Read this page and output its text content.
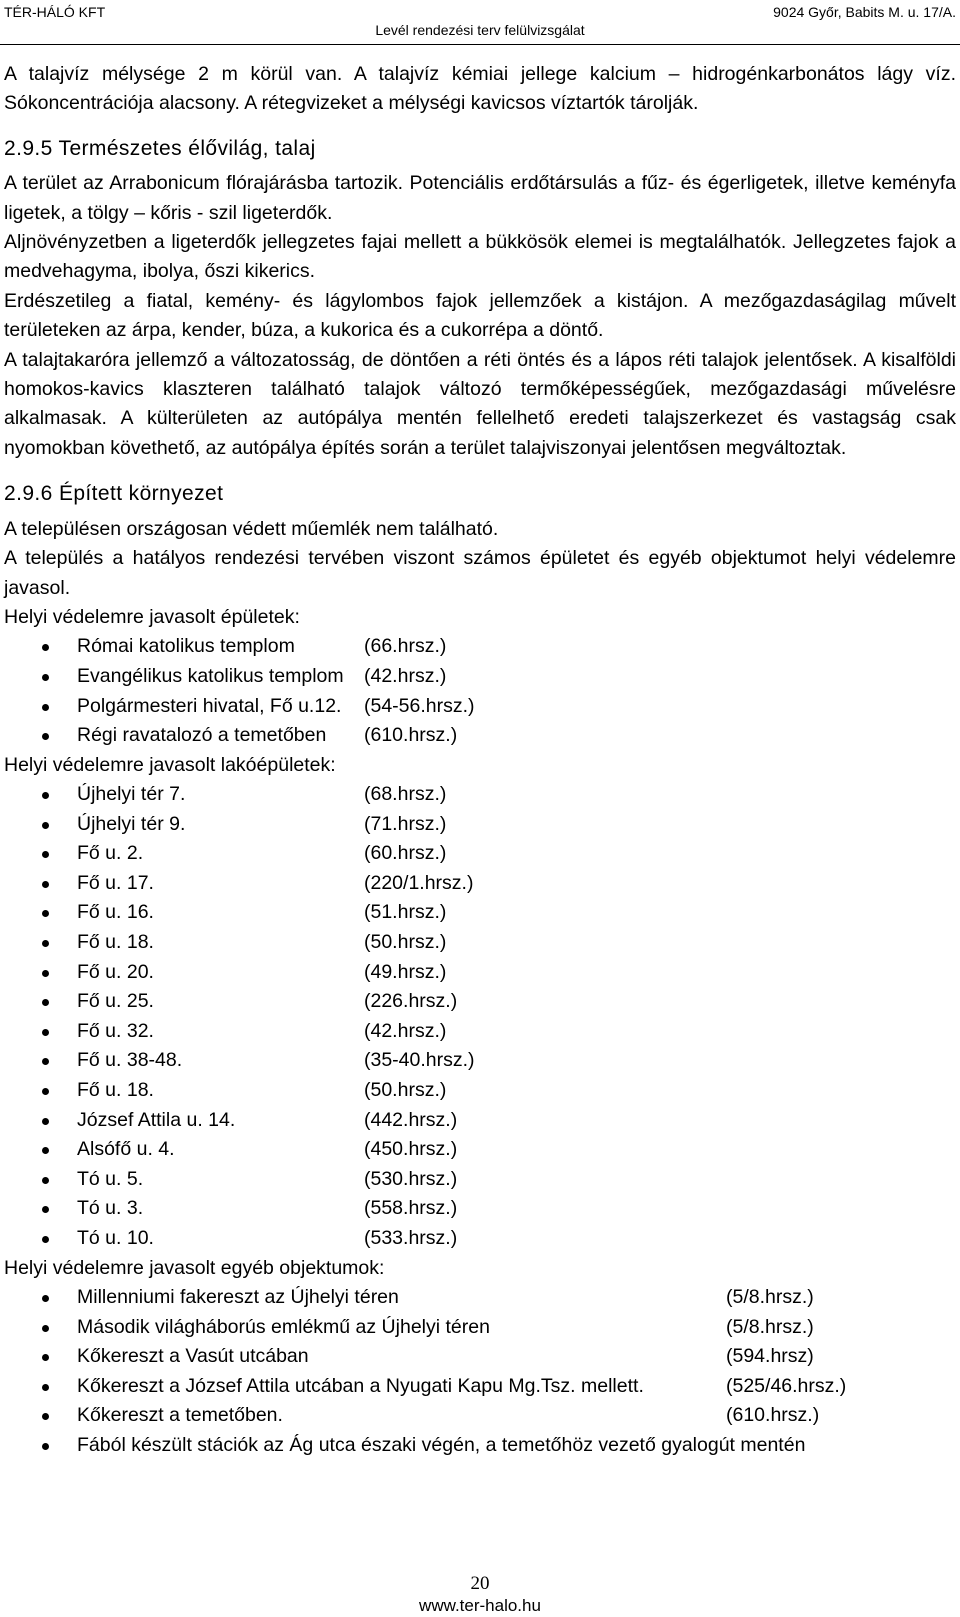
TÉR-HÁLÓ KFT
Levél rendezési terv felülvizsgálat
9024 Győr, Babits M. u. 17/A.

A talajvíz mélysége 2 m körül van. A talajvíz kémiai jellege kalcium – hidrogénkarbonátos lágy víz. Sókoncentrációja alacsony. A rétegvizeket a mélységi kavicsos víztartók tárolják.

2.9.5 Természetes élővilág, talaj

A terület az Arrabonicum flórajárásba tartozik. Potenciális erdőtársulás a fűz- és égerligetek, illetve keményfa ligetek, a tölgy – kőris - szil ligeterdők.

Aljnövényzetben a ligeterdők jellegzetes fajai mellett a bükkösök elemei is megtalálhatók. Jellegzetes fajok a medvehagyma, ibolya, őszi kikerics.

Erdészetileg a fiatal, kemény- és lágylombos fajok jellemzőek a kistájon. A mezőgazdaságilag művelt területeken az árpa, kender, búza, a kukorica és a cukorrépa a döntő.

A talajtakaróra jellemző a változatosság, de döntően a réti öntés és a lápos réti talajok jelentősek. A kisalföldi homokos-kavics klaszteren található talajok változó termőképességűek, mezőgazdasági művelésre alkalmasak. A külterületen az autópálya mentén fellelhető eredeti talajszerkezet és vastagság csak nyomokban követhető, az autópálya építés során a terület talajviszonyai jelentősen megváltoztak.

2.9.6 Épített környezet

A településen országosan védett műemlék nem található.

A település a hatályos rendezési tervében viszont számos épületet és egyéb objektumot helyi védelemre javasol.

Helyi védelemre javasolt épületek:

Római katolikus templom	(66.hrsz.)
Evangélikus katolikus templom (42.hrsz.)
Polgármesteri hivatal, Fő u.12. (54-56.hrsz.)
Régi ravatalozó a temetőben (610.hrsz.)

Helyi védelemre javasolt lakóépületek:

Újhelyi tér 7.	(68.hrsz.)
Újhelyi tér 9.	(71.hrsz.)
Fő u. 2.	(60.hrsz.)
Fő u. 17.	(220/1.hrsz.)
Fő u. 16.	(51.hrsz.)
Fő u. 18.	(50.hrsz.)
Fő u. 20.	(49.hrsz.)
Fő u. 25.	(226.hrsz.)
Fő u. 32.	(42.hrsz.)
Fő u. 38-48.	(35-40.hrsz.)
Fő u. 18.	(50.hrsz.)
József Attila u. 14.	(442.hrsz.)
Alsófő u. 4.	(450.hrsz.)
Tó u. 5.	(530.hrsz.)
Tó u. 3.	(558.hrsz.)
Tó u. 10.	(533.hrsz.)

Helyi védelemre javasolt egyéb objektumok:

Millenniumi fakereszt az Újhelyi téren	(5/8.hrsz.)
Második világháborús emlékmű az Újhelyi téren	(5/8.hrsz.)
Kőkereszt a Vasút utcában	(594.hrsz)
Kőkereszt a József Attila utcában a Nyugati Kapu Mg.Tsz. mellett.	(525/46.hrsz.)
Kőkereszt a temetőben.	(610.hrsz.)
Fából készült stációk az Ág utca északi végén, a temetőhöz vezető gyalogút mentén
20
www.ter-halo.hu
